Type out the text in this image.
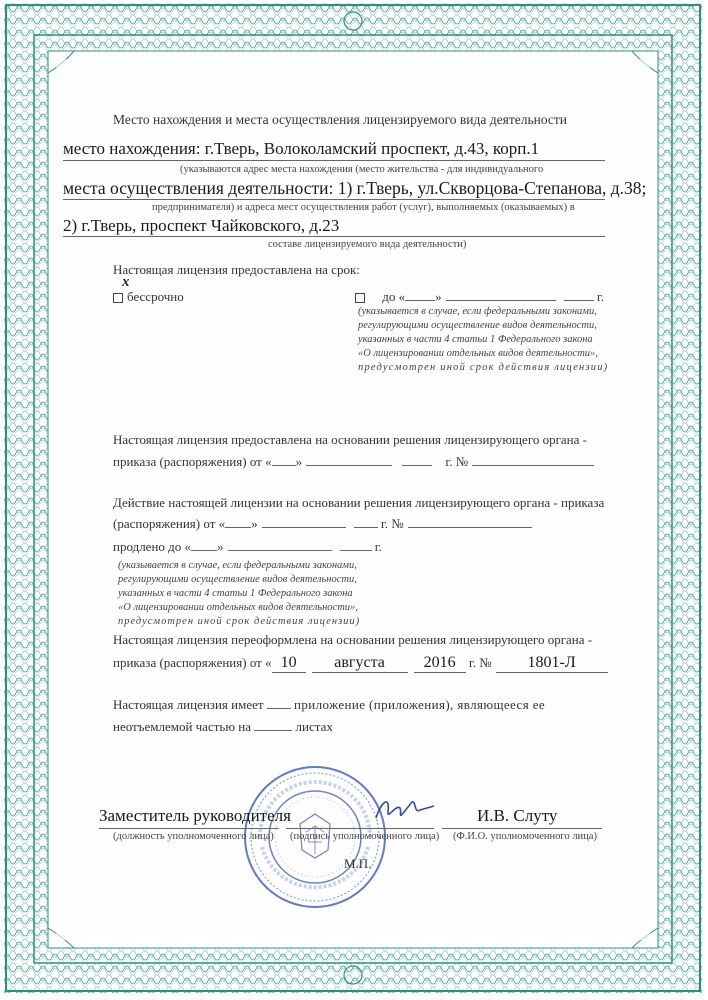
Место нахождения и места осуществления лицензируемого вида деятельности
место нахождения: г.Тверь, Волоколамский проспект, д.43, корп.1
(указываются адрес места нахождения (место жительства - для индивидуального
места осуществления деятельности: 1) г.Тверь, ул.Скворцова-Степанова, д.38;
предпринимателя) и адреса мест осуществления работ (услуг), выполняемых (оказываемых) в
2) г.Тверь, проспект Чайковского, д.23
составе лицензируемого вида деятельности)
Настоящая лицензия предоставлена на срок:
х
бессрочно	до « »	г.
(указывается в случае, если федеральными законами,
регулирующими осуществление видов деятельности,
указанных в части 4 статьи 1 Федерального закона
«О лицензировании отдельных видов деятельности»,
предусмотрен иной срок действия лицензии)
Настоящая лицензия предоставлена на основании решения лицензирующего органа -
приказа (распоряжения) от « »	г. №
Действие настоящей лицензии на основании решения лицензирующего органа - приказа
(распоряжения) от « »	г. №
продлено до « »	г.
(указывается в случае, если федеральными законами,
регулирующими осуществление видов деятельности,
указанных в части 4 статьи 1 Федерального закона
«О лицензировании отдельных видов деятельности»,
предусмотрен иной срок действия лицензии)
Настоящая лицензия переоформлена на основании решения лицензирующего органа -
приказа (распоряжения) от « 10 августа 2016 г. № 1801-Л
Настоящая лицензия имеет приложение (приложения), являющееся ее
неотъемлемой частью на	листах
Заместитель руководителя	И.В. Слуту
(должность уполномоченного лица) (подпись уполномоченного лица) (Ф.И.О. уполномоченного лица)
М.П.
